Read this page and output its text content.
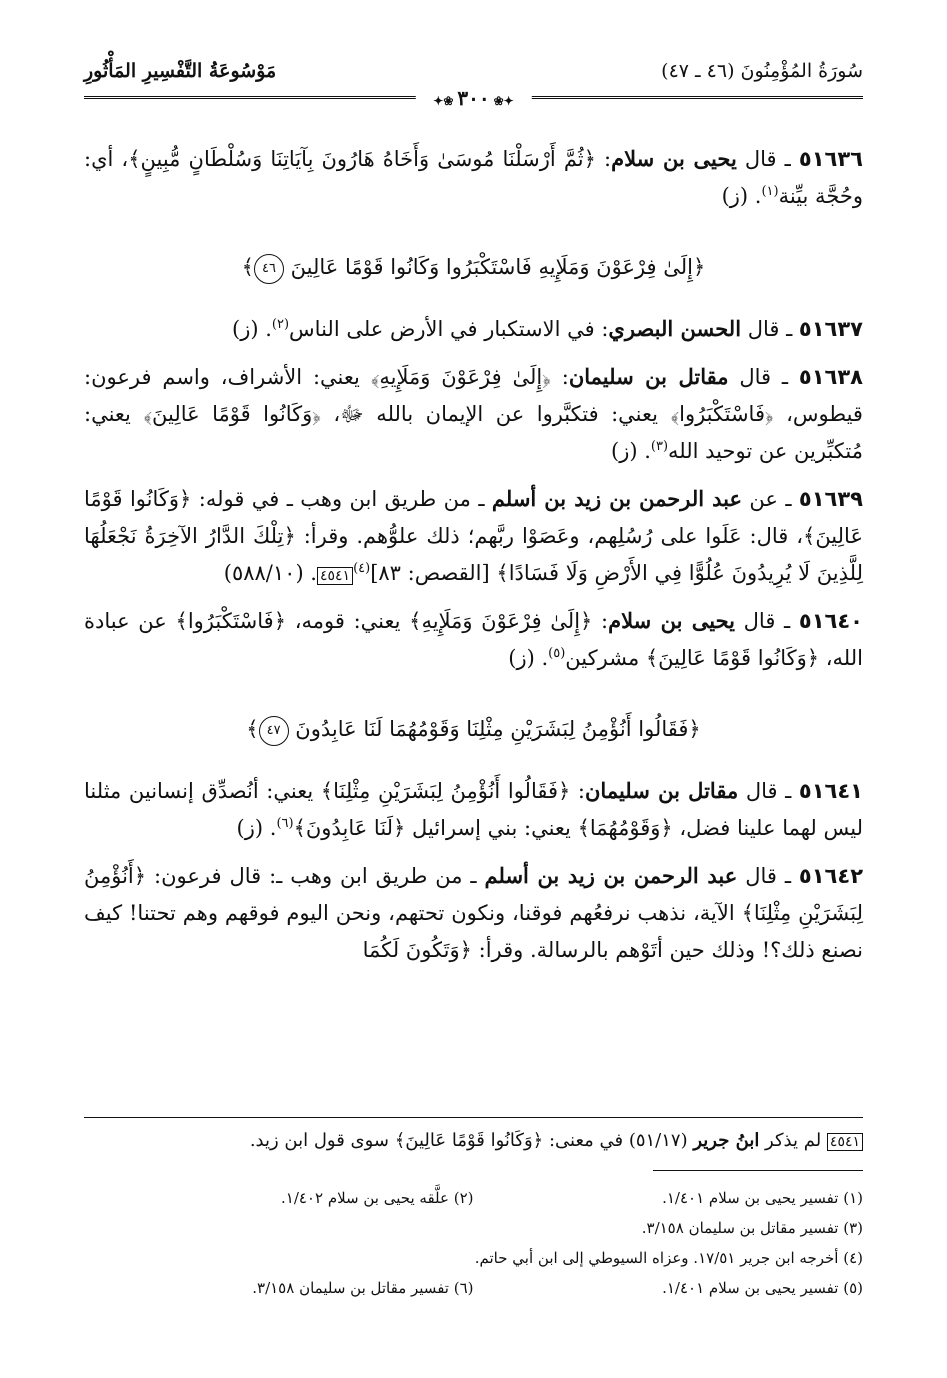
سُورَةُ المُؤْمِنُونَ (٤٦ ـ ٤٧)
مَوْسُوعَةُ التَّفْسِيرِ المَأْثُورِ
✦❀٣٠٠❀✦

٥١٦٣٦ ـ قال يحيى بن سلام: ﴿ثُمَّ أَرْسَلْنَا مُوسَىٰ وَأَخَاهُ هَارُونَ بِآيَاتِنَا وَسُلْطَانٍ مُّبِينٍ﴾، أي: وحُجَّة بيِّنة$^{(١)}$. (ز)

﴿إِلَىٰ فِرْعَوْنَ وَمَلَإِيهِ فَاسْتَكْبَرُوا وَكَانُوا قَوْمًا عَالِينَ ٤٦﴾

٥١٦٣٧ ـ قال الحسن البصري: في الاستكبار في الأرض على الناس$^{(٢)}$. (ز)

٥١٦٣٨ ـ قال مقاتل بن سليمان: ﴿إِلَىٰ فِرْعَوْنَ وَمَلَإِيهِ﴾ يعني: الأشراف، واسم فرعون: قيطوس، ﴿فَاسْتَكْبَرُوا﴾ يعني: فتكبَّروا عن الإيمان بالله ﷻ، ﴿وَكَانُوا قَوْمًا عَالِينَ﴾ يعني: مُتكبِّرين عن توحيد الله$^{(٣)}$. (ز)

٥١٦٣٩ ـ عن عبد الرحمن بن زيد بن أسلم ـ من طريق ابن وهب ـ في قوله: ﴿وَكَانُوا قَوْمًا عَالِينَ﴾، قال: عَلَوا على رُسُلِهم، وعَصَوْا ربَّهم؛ ذلك علوُّهم. وقرأ: ﴿تِلْكَ الدَّارُ الآخِرَةُ نَجْعَلُهَا لِلَّذِينَ لَا يُرِيدُونَ عُلُوًّا فِي الأَرْضِ وَلَا فَسَادًا﴾ [القصص: ٨٣]$^{(٤)}$٤٥٤١. (٥٨٨/١٠)

٥١٦٤٠ ـ قال يحيى بن سلام: ﴿إِلَىٰ فِرْعَوْنَ وَمَلَإِيهِ﴾ يعني: قومه، ﴿فَاسْتَكْبَرُوا﴾ عن عبادة الله، ﴿وَكَانُوا قَوْمًا عَالِينَ﴾ مشركين$^{(٥)}$. (ز)

﴿فَقَالُوا أَنُؤْمِنُ لِبَشَرَيْنِ مِثْلِنَا وَقَوْمُهُمَا لَنَا عَابِدُونَ ٤٧﴾

٥١٦٤١ ـ قال مقاتل بن سليمان: ﴿فَقَالُوا أَنُؤْمِنُ لِبَشَرَيْنِ مِثْلِنَا﴾ يعني: أنُصدِّق إنسانين مثلنا ليس لهما علينا فضل، ﴿وَقَوْمُهُمَا﴾ يعني: بني إسرائيل ﴿لَنَا عَابِدُونَ﴾$^{(٦)}$. (ز)

٥١٦٤٢ ـ قال عبد الرحمن بن زيد بن أسلم ـ من طريق ابن وهب ـ: قال فرعون: ﴿أَنُؤْمِنُ لِبَشَرَيْنِ مِثْلِنَا﴾ الآية، نذهب نرفعُهم فوقنا، ونكون تحتهم، ونحن اليوم فوقهم وهم تحتنا! كيف نصنع ذلك؟! وذلك حين أتَوْهم بالرسالة. وقرأ: ﴿وَتَكُونَ لَكُمَا

٤٥٤١ لم يذكر ابنُ جرير (٥١/١٧) في معنى: ﴿وَكَانُوا قَوْمًا عَالِينَ﴾ سوى قول ابن زيد.
(١) تفسير يحيى بن سلام ١/٤٠١.
(٢) علَّقه يحيى بن سلام ١/٤٠٢.
(٣) تفسير مقاتل بن سليمان ٣/١٥٨.
(٤) أخرجه ابن جرير ١٧/٥١. وعزاه السيوطي إلى ابن أبي حاتم.
(٥) تفسير يحيى بن سلام ١/٤٠١.
(٦) تفسير مقاتل بن سليمان ٣/١٥٨.
